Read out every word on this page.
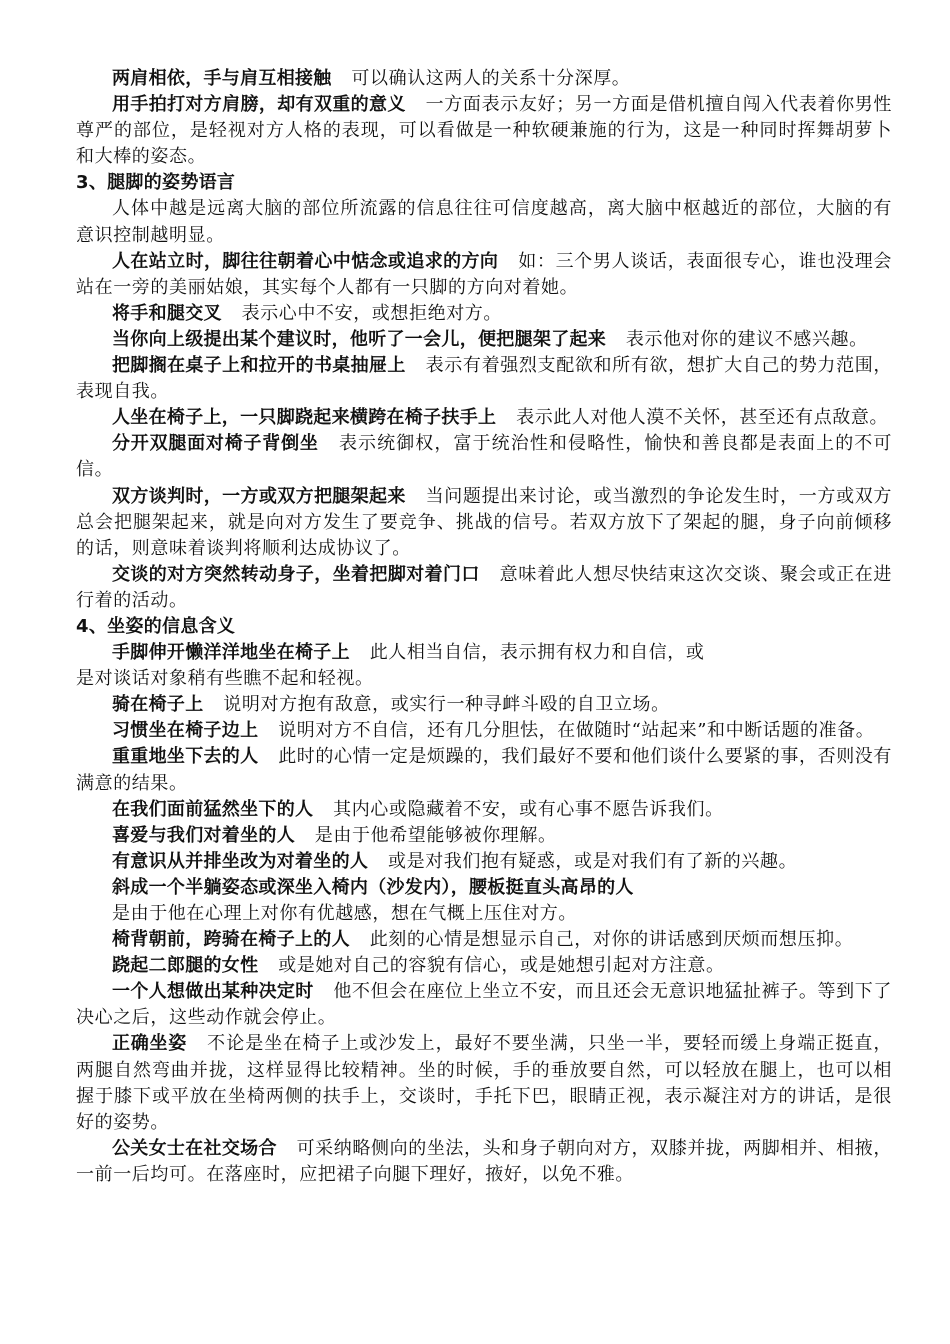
两肩相依，手与肩互相接触 可以确认这两人的关系十分深厚。

用手拍打对方肩膀，却有双重的意义 一方面表示友好；另一方面是借机擅自闯入代表着你男性尊严的部位，是轻视对方人格的表现，可以看做是一种软硬兼施的行为，这是一种同时挥舞胡萝卜和大棒的姿态。

3、腿脚的姿势语言

人体中越是远离大脑的部位所流露的信息往往可信度越高，离大脑中枢越近的部位，大脑的有意识控制越明显。

人在站立时，脚往往朝着心中惦念或追求的方向 如：三个男人谈话，表面很专心，谁也没理会站在一旁的美丽姑娘，其实每个人都有一只脚的方向对着她。

将手和腿交叉 表示心中不安，或想拒绝对方。

当你向上级提出某个建议时，他听了一会儿，便把腿架了起来 表示他对你的建议不感兴趣。

把脚搁在桌子上和拉开的书桌抽屉上 表示有着强烈支配欲和所有欲，想扩大自己的势力范围，表现自我。

人坐在椅子上，一只脚跷起来横跨在椅子扶手上 表示此人对他人漠不关怀，甚至还有点敌意。

分开双腿面对椅子背倒坐 表示统御权，富于统治性和侵略性，愉快和善良都是表面上的不可信。

双方谈判时，一方或双方把腿架起来 当问题提出来讨论，或当激烈的争论发生时，一方或双方总会把腿架起来，就是向对方发生了要竞争、挑战的信号。若双方放下了架起的腿，身子向前倾移的话，则意味着谈判将顺利达成协议了。

交谈的对方突然转动身子，坐着把脚对着门口 意味着此人想尽快结束这次交谈、聚会或正在进行着的活动。

4、坐姿的信息含义

手脚伸开懒洋洋地坐在椅子上 此人相当自信，表示拥有权力和自信，或

是对谈话对象稍有些瞧不起和轻视。

骑在椅子上 说明对方抱有敌意，或实行一种寻衅斗殴的自卫立场。

习惯坐在椅子边上 说明对方不自信，还有几分胆怯，在做随时“站起来”和中断话题的准备。

重重地坐下去的人 此时的心情一定是烦躁的，我们最好不要和他们谈什么要紧的事，否则没有满意的结果。

在我们面前猛然坐下的人 其内心或隐藏着不安，或有心事不愿告诉我们。

喜爱与我们对着坐的人 是由于他希望能够被你理解。

有意识从并排坐改为对着坐的人 或是对我们抱有疑惑，或是对我们有了新的兴趣。

斜成一个半躺姿态或深坐入椅内（沙发内），腰板挺直头高昂的人

是由于他在心理上对你有优越感，想在气概上压住对方。

椅背朝前，跨骑在椅子上的人 此刻的心情是想显示自己，对你的讲话感到厌烦而想压抑。

跷起二郎腿的女性 或是她对自己的容貌有信心，或是她想引起对方注意。

一个人想做出某种决定时 他不但会在座位上坐立不安，而且还会无意识地猛扯裤子。等到下了决心之后，这些动作就会停止。

正确坐姿 不论是坐在椅子上或沙发上，最好不要坐满，只坐一半，要轻而缓上身端正挺直，两腿自然弯曲并拢，这样显得比较精神。坐的时候，手的垂放要自然，可以轻放在腿上，也可以相握于膝下或平放在坐椅两侧的扶手上，交谈时，手托下巴，眼睛正视，表示凝注对方的讲话，是很好的姿势。

公关女士在社交场合 可采纳略侧向的坐法，头和身子朝向对方，双膝并拢，两脚相并、相掖，一前一后均可。在落座时，应把裙子向腿下理好，掖好，以免不雅。
